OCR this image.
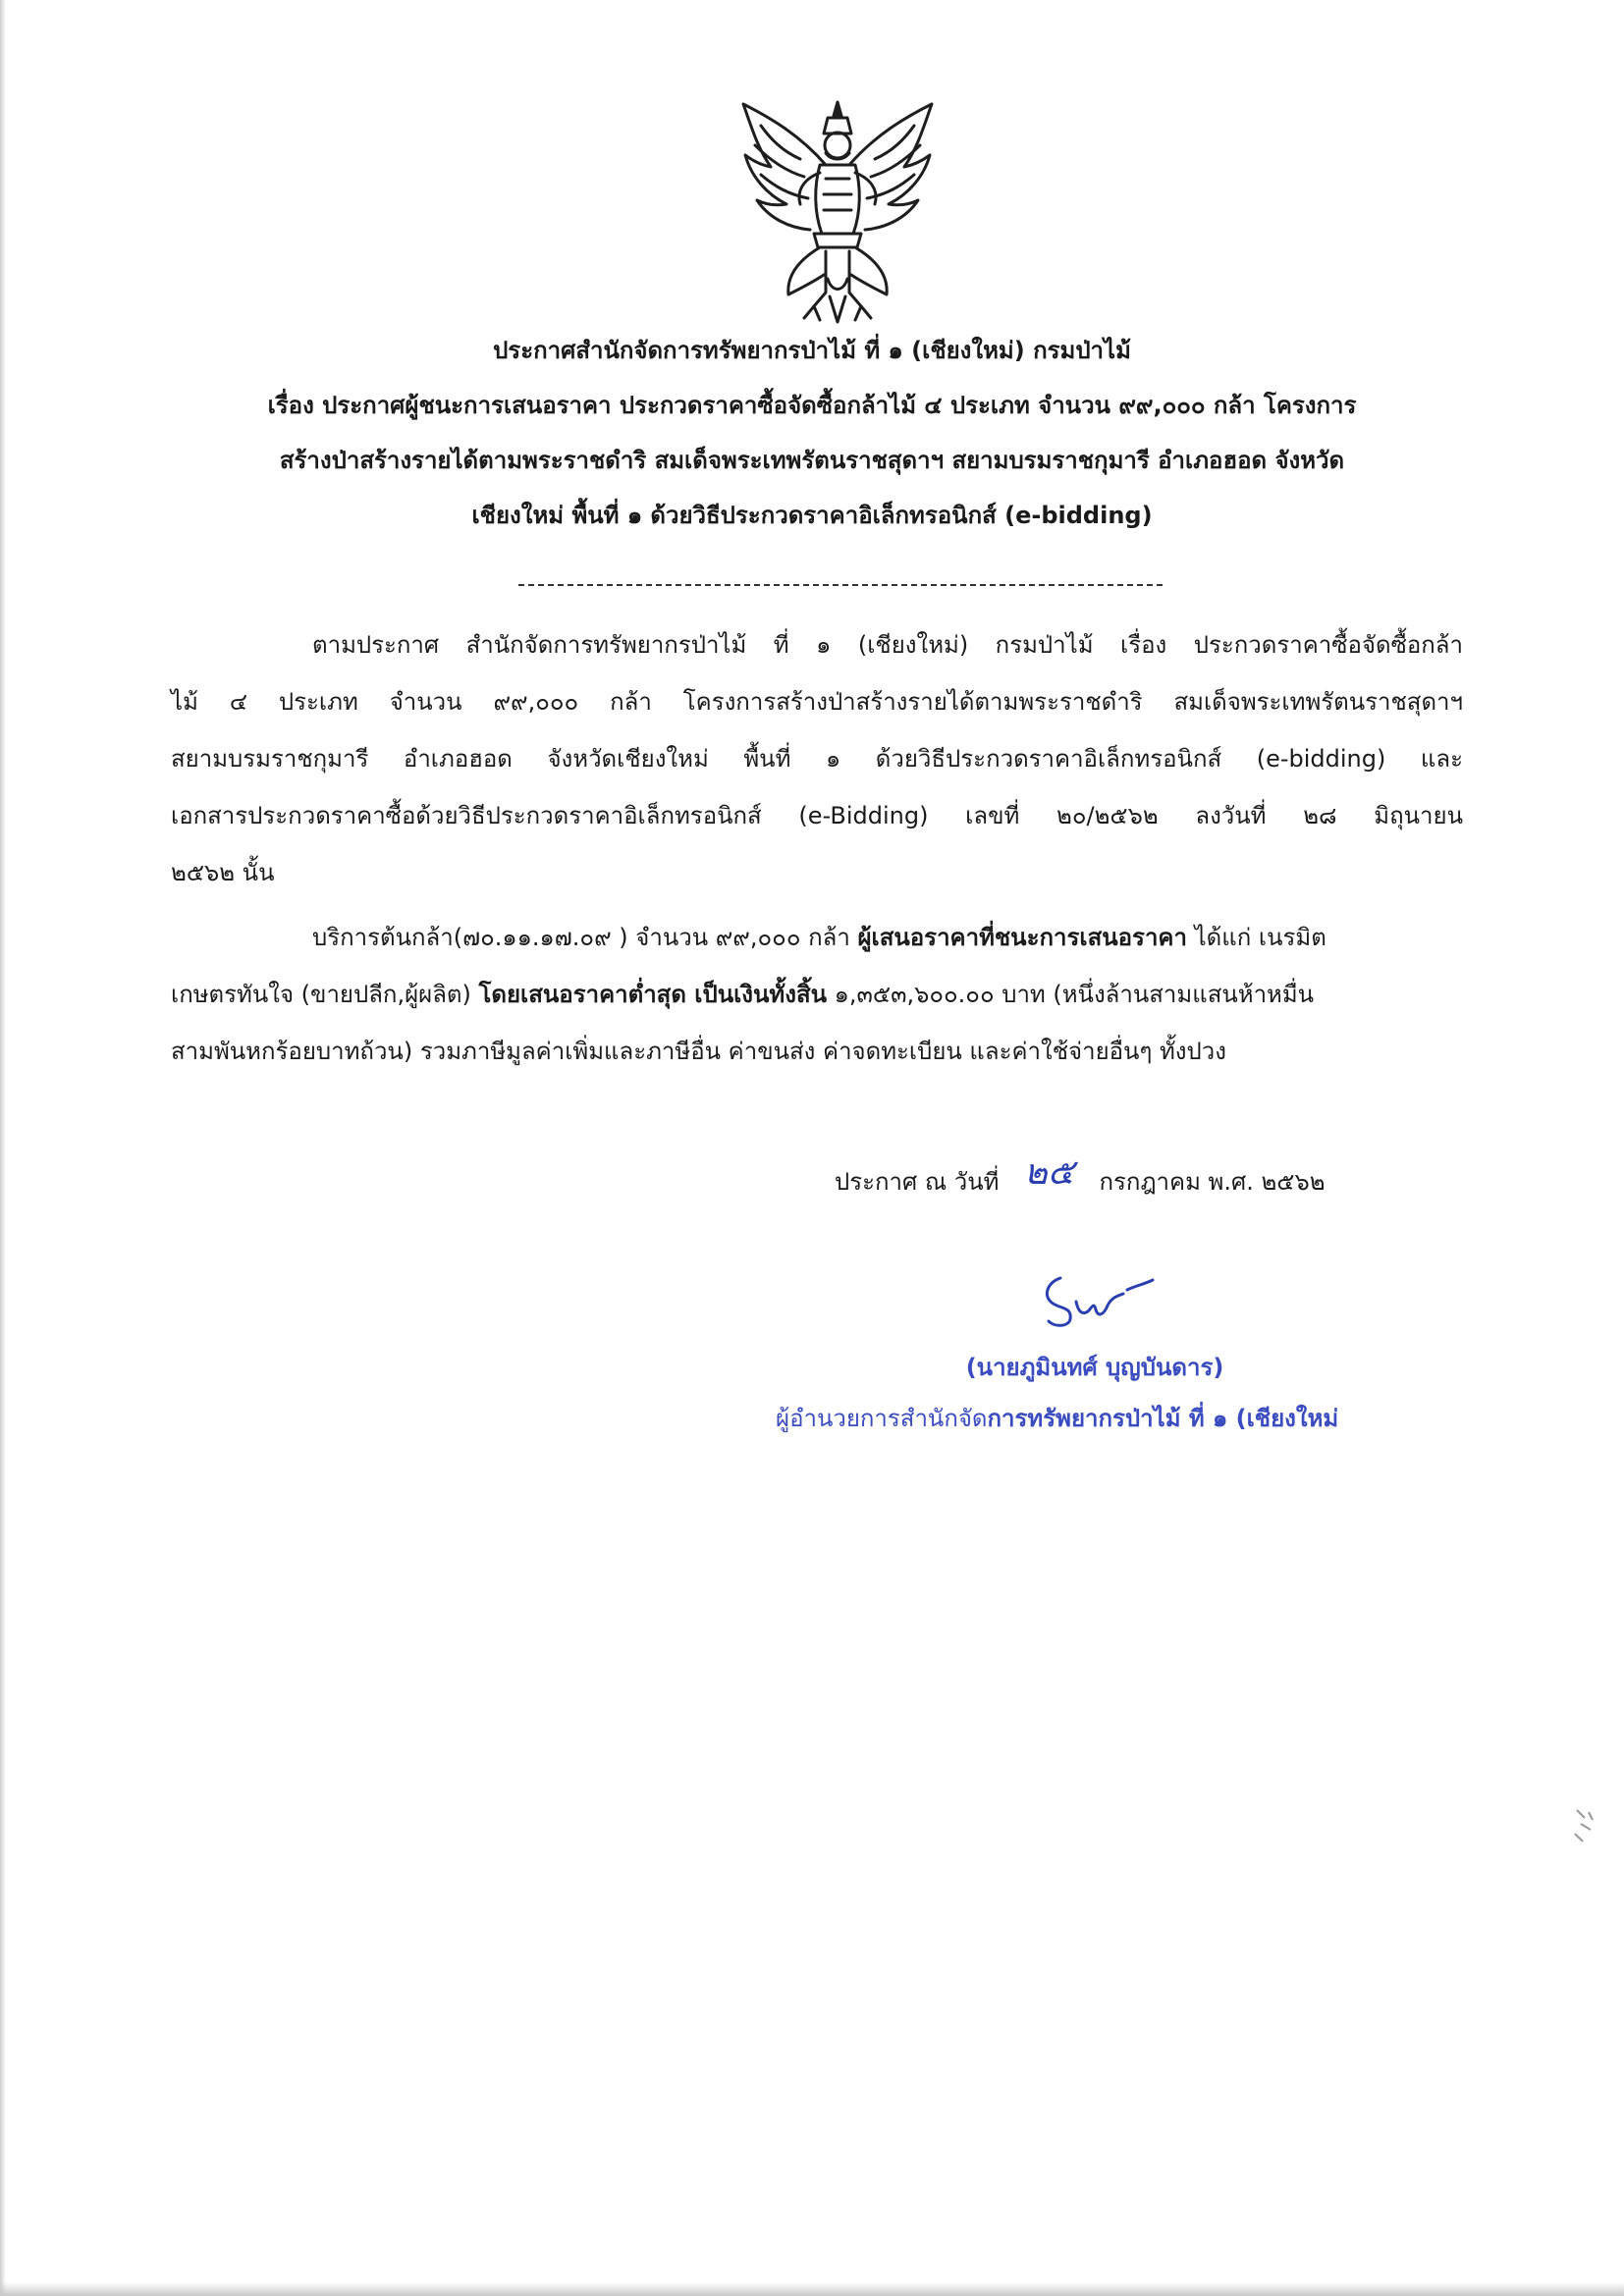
ประกาศสำนักจัดการทรัพยากรป่าไม้ ที่ ๑ (เชียงใหม่) กรมป่าไม้
เรื่อง ประกาศผู้ชนะการเสนอราคา ประกวดราคาซื้อจัดซื้อกล้าไม้ ๔ ประเภท จำนวน ๙๙,๐๐๐ กล้า โครงการ
สร้างป่าสร้างรายได้ตามพระราชดำริ สมเด็จพระเทพรัตนราชสุดาฯ สยามบรมราชกุมารี อำเภอฮอด จังหวัด
เชียงใหม่ พื้นที่ ๑ ด้วยวิธีประกวดราคาอิเล็กทรอนิกส์ (e-bidding)
ตามประกาศ สำนักจัดการทรัพยากรป่าไม้ ที่ ๑ (เชียงใหม่) กรมป่าไม้ เรื่อง ประกวดราคาซื้อจัดซื้อกล้า
ไม้ ๔ ประเภท จำนวน ๙๙,๐๐๐ กล้า โครงการสร้างป่าสร้างรายได้ตามพระราชดำริ สมเด็จพระเทพรัตนราชสุดาฯ
สยามบรมราชกุมารี อำเภอฮอด จังหวัดเชียงใหม่ พื้นที่ ๑ ด้วยวิธีประกวดราคาอิเล็กทรอนิกส์ (e-bidding) และ
เอกสารประกวดราคาซื้อด้วยวิธีประกวดราคาอิเล็กทรอนิกส์ (e-Bidding) เลขที่ ๒๐/๒๕๖๒ ลงวันที่ ๒๘ มิถุนายน
๒๕๖๒ นั้น
บริการต้นกล้า(๗๐.๑๑.๑๗.๐๙ ) จำนวน ๙๙,๐๐๐ กล้า ผู้เสนอราคาที่ชนะการเสนอราคา ได้แก่ เนรมิต
เกษตรทันใจ (ขายปลีก,ผู้ผลิต) โดยเสนอราคาต่ำสุด เป็นเงินทั้งสิ้น ๑,๓๕๓,๖๐๐.๐๐ บาท (หนึ่งล้านสามแสนห้าหมื่น
สามพันหกร้อยบาทถ้วน) รวมภาษีมูลค่าเพิ่มและภาษีอื่น ค่าขนส่ง ค่าจดทะเบียน และค่าใช้จ่ายอื่นๆ ทั้งปวง
ประกาศ ณ วันที่ ๒๕ กรกฎาคม พ.ศ. ๒๕๖๒
(นายภูมินทศ์ บุญบันดาร)
ผู้อำนวยการสำนักจัดการทรัพยากรป่าไม้ ที่ ๑ (เชียงใหม่
